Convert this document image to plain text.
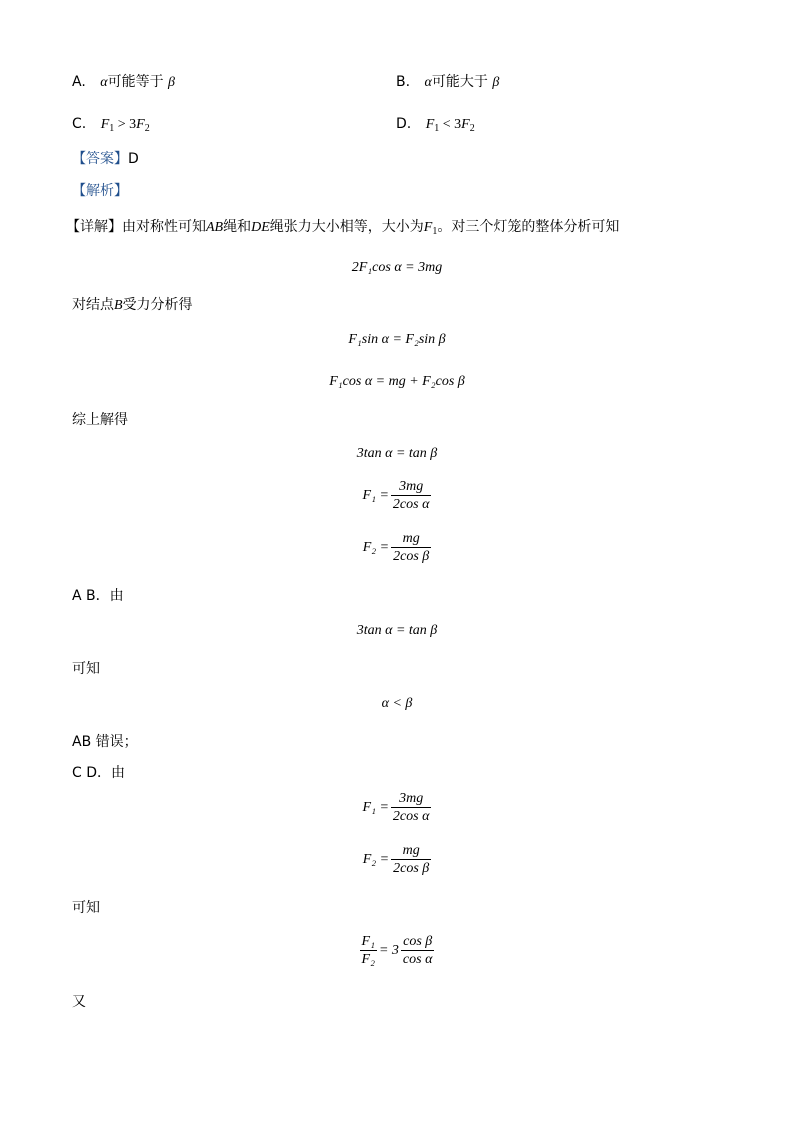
A. α可能等于 β	B. α可能大于 β
C. $F_1 > 3F_2$	D. $F_1 < 3F_2$
【答案】D
【解析】
【详解】由对称性可知AB绳和DE绳张力大小相等，大小为$F_1$。对三个灯笼的整体分析可知
2F₁cos α = 3mg
对结点B受力分析得
F₁sin α = F₂sin β
F₁cos α = mg + F₂cos β
综上解得
3tan α = tan β
$F_1 = \frac{3mg}{\text{2cos α}}$
$F_2 = \frac{mg}{\text{2cos β}}$
A B．由
3tan α = tan β
可知
α < β
AB 错误；
C D．由
$F_1 = \frac{3mg}{\text{2cos α}}$
$F_2 = \frac{mg}{\text{2cos β}}$
可知
$\frac{\text{F₁}}{\text{F₂}} = 3 \frac{\text{cos β}}{\text{cos α}}$
又
